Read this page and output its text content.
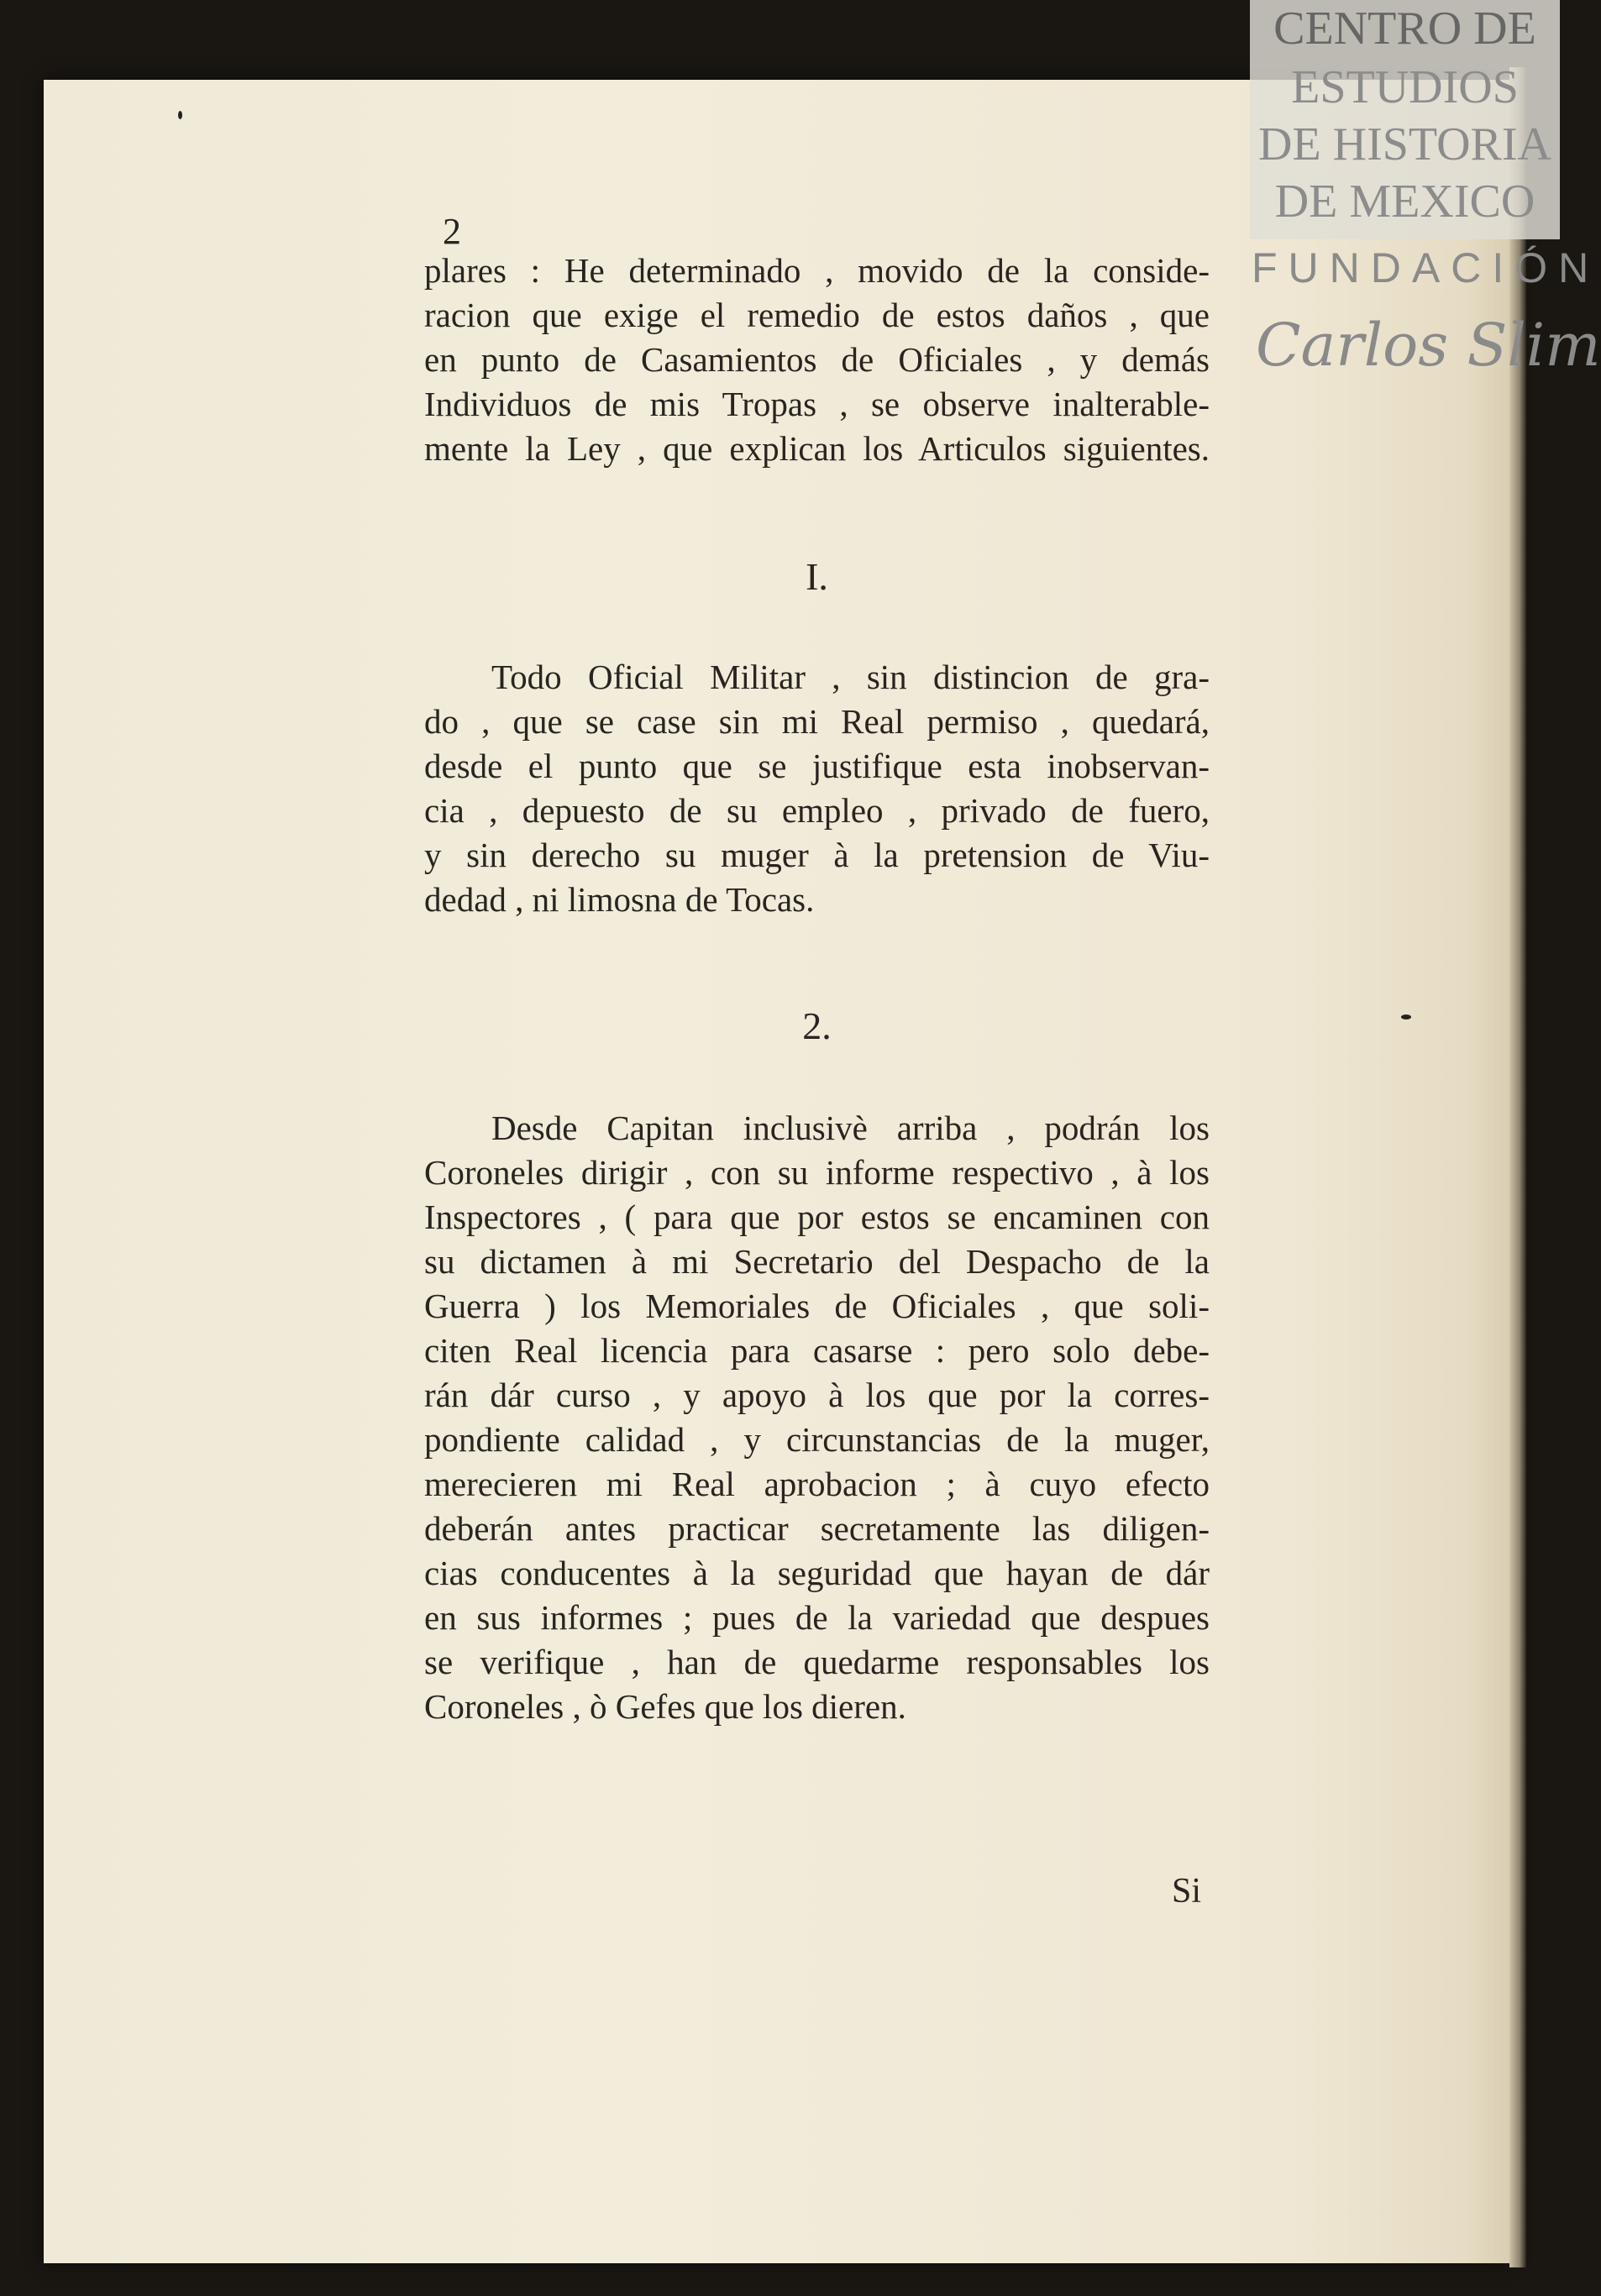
CENTRO DE
ESTUDIOS
DE HISTORIA
DE MEXICO
FUNDACIÓN
Carlos Slim
2
plares : He determinado , movido de la conside-
racion que exige el remedio de estos daños , que
en punto de Casamientos de Oficiales , y demás
Individuos de mis Tropas , se observe inalterable-
mente la Ley , que explican los Articulos siguientes.
I.
Todo Oficial Militar , sin distincion de gra-
do , que se case sin mi Real permiso , quedará,
desde el punto que se justifique esta inobservan-
cia , depuesto de su empleo , privado de fuero,
y sin derecho su muger à la pretension de Viu-
dedad , ni limosna de Tocas.
2.
Desde Capitan inclusivè arriba , podrán los
Coroneles dirigir , con su informe respectivo , à los
Inspectores , ( para que por estos se encaminen con
su dictamen à mi Secretario del Despacho de la
Guerra ) los Memoriales de Oficiales , que soli-
citen Real licencia para casarse : pero solo debe-
rán dár curso , y apoyo à los que por la corres-
pondiente calidad , y circunstancias de la muger,
merecieren mi Real aprobacion ; à cuyo efecto
deberán antes practicar secretamente las diligen-
cias conducentes à la seguridad que hayan de dár
en sus informes ; pues de la variedad que despues
se verifique , han de quedarme responsables los
Coroneles , ò Gefes que los dieren.
Si
